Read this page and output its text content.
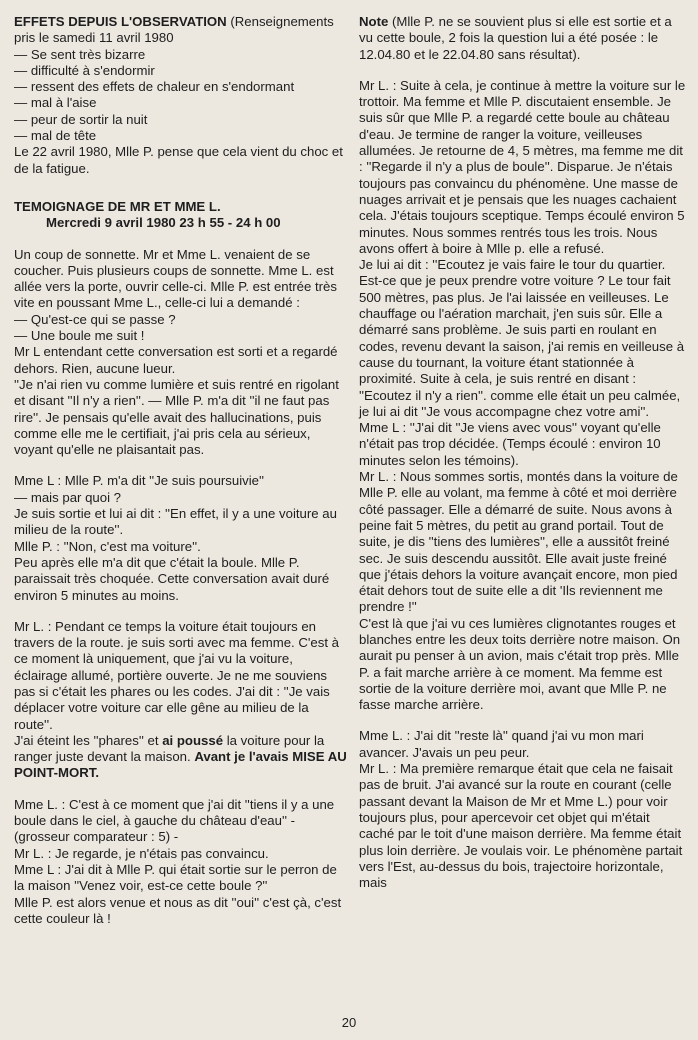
EFFETS DEPUIS L'OBSERVATION (Renseignements pris le samedi 11 avril 1980

— Se sent très bizarre

— difficulté à s'endormir

— ressent des effets de chaleur en s'endormant

— mal à l'aise

— peur de sortir la nuit

— mal de tête

Le 22 avril 1980, Mlle P. pense que cela vient du choc et de la fatigue.

TEMOIGNAGE DE MR ET MME L.
Mercredi 9 avril 1980 23 h 55 - 24 h 00

Un coup de sonnette. Mr et Mme L. venaient de se coucher. Puis plusieurs coups de sonnette. Mme L. est allée vers la porte, ouvrir celle-ci. Mlle P. est entrée très vite en poussant Mme L., celle-ci lui a demandé :

— Qu'est-ce qui se passe ?

— Une boule me suit !

Mr L entendant cette conversation est sorti et a regardé dehors. Rien, aucune lueur.

''Je n'ai rien vu comme lumière et suis rentré en rigolant et disant ''Il n'y a rien''. — Mlle P. m'a dit ''il ne faut pas rire''. Je pensais qu'elle avait des hallucinations, puis comme elle me le certifiait, j'ai pris cela au sérieux, voyant qu'elle ne plaisantait pas.

Mme L : Mlle P. m'a dit ''Je suis poursuivie''

— mais par quoi ?

Je suis sortie et lui ai dit : ''En effet, il y a une voiture au milieu de la route''.

Mlle P. : ''Non, c'est ma voiture''.

Peu après elle m'a dit que c'était la boule. Mlle P. paraissait très choquée. Cette conversation avait duré environ 5 minutes au moins.

Mr L. : Pendant ce temps la voiture était toujours en travers de la route. je suis sorti avec ma femme. C'est à ce moment là uniquement, que j'ai vu la voiture, éclairage allumé, portière ouverte. Je ne me souviens pas si c'était les phares ou les codes. J'ai dit : ''Je vais déplacer votre voiture car elle gêne au milieu de la route''.

J'ai éteint les ''phares'' et ai poussé la voiture pour la ranger juste devant la maison. Avant je l'avais MISE AU POINT-MORT.

Mme L. : C'est à ce moment que j'ai dit ''tiens il y a une boule dans le ciel, à gauche du château d'eau'' - (grosseur comparateur : 5) -

Mr L. : Je regarde, je n'étais pas convaincu.

Mme L : J'ai dit à Mlle P. qui était sortie sur le perron de la maison ''Venez voir, est-ce cette boule ?''

Mlle P. est alors venue et nous as dit ''oui'' c'est çà, c'est cette couleur là !

Note (Mlle P. ne se souvient plus si elle est sortie et a vu cette boule, 2 fois la question lui a été posée : le 12.04.80 et le 22.04.80 sans résultat).

Mr L. : Suite à cela, je continue à mettre la voiture sur le trottoir. Ma femme et Mlle P. discutaient ensemble. Je suis sûr que Mlle P. a regardé cette boule au château d'eau. Je termine de ranger la voiture, veilleuses allumées. Je retourne de 4, 5 mètres, ma femme me dit : ''Regarde il n'y a plus de boule''. Disparue. Je n'étais toujours pas convaincu du phénomène. Une masse de nuages arrivait et je pensais que les nuages cachaient cela. J'étais toujours sceptique. Temps écoulé environ 5 minutes. Nous sommes rentrés tous les trois. Nous avons offert à boire à Mlle p. elle a refusé.

Je lui ai dit : ''Ecoutez je vais faire le tour du quartier. Est-ce que je peux prendre votre voiture ? Le tour fait 500 mètres, pas plus. Je l'ai laissée en veilleuses. Le chauffage ou l'aération marchait, j'en suis sûr. Elle a démarré sans problème. Je suis parti en roulant en codes, revenu devant la saison, j'ai remis en veilleuse à cause du tournant, la voiture étant stationnée à proximité. Suite à cela, je suis rentré en disant : ''Ecoutez il n'y a rien''. comme elle était un peu calmée, je lui ai dit ''Je vous accompagne chez votre ami''.

Mme L : ''J'ai dit ''Je viens avec vous'' voyant qu'elle n'était pas trop décidée. (Temps écoulé : environ 10 minutes selon les témoins).

Mr L. : Nous sommes sortis, montés dans la voiture de Mlle P. elle au volant, ma femme à côté et moi derrière côté passager. Elle a démarré de suite. Nous avons à peine fait 5 mètres, du petit au grand portail. Tout de suite, je dis ''tiens des lumières'', elle a aussitôt freiné sec. Je suis descendu aussitôt. Elle avait juste freiné que j'étais dehors la voiture avançait encore, mon pied était dehors tout de suite elle a dit 'Ils reviennent me prendre !''

C'est là que j'ai vu ces lumières clignotantes rouges et blanches entre les deux toits derrière notre maison. On aurait pu penser à un avion, mais c'était trop près. Mlle P. a fait marche arrière à ce moment. Ma femme est sortie de la voiture derrière moi, avant que Mlle P. ne fasse marche arrière.

Mme L. : J'ai dit ''reste là'' quand j'ai vu mon mari avancer. J'avais un peu peur.

Mr L. : Ma première remarque était que cela ne faisait pas de bruit. J'ai avancé sur la route en courant (celle passant devant la Maison de Mr et Mme L.) pour voir toujours plus, pour apercevoir cet objet qui m'était caché par le toit d'une maison derrière. Ma femme était plus loin derrière. Je voulais voir. Le phénomène partait vers l'Est, au-dessus du bois, trajectoire horizontale, mais

20
